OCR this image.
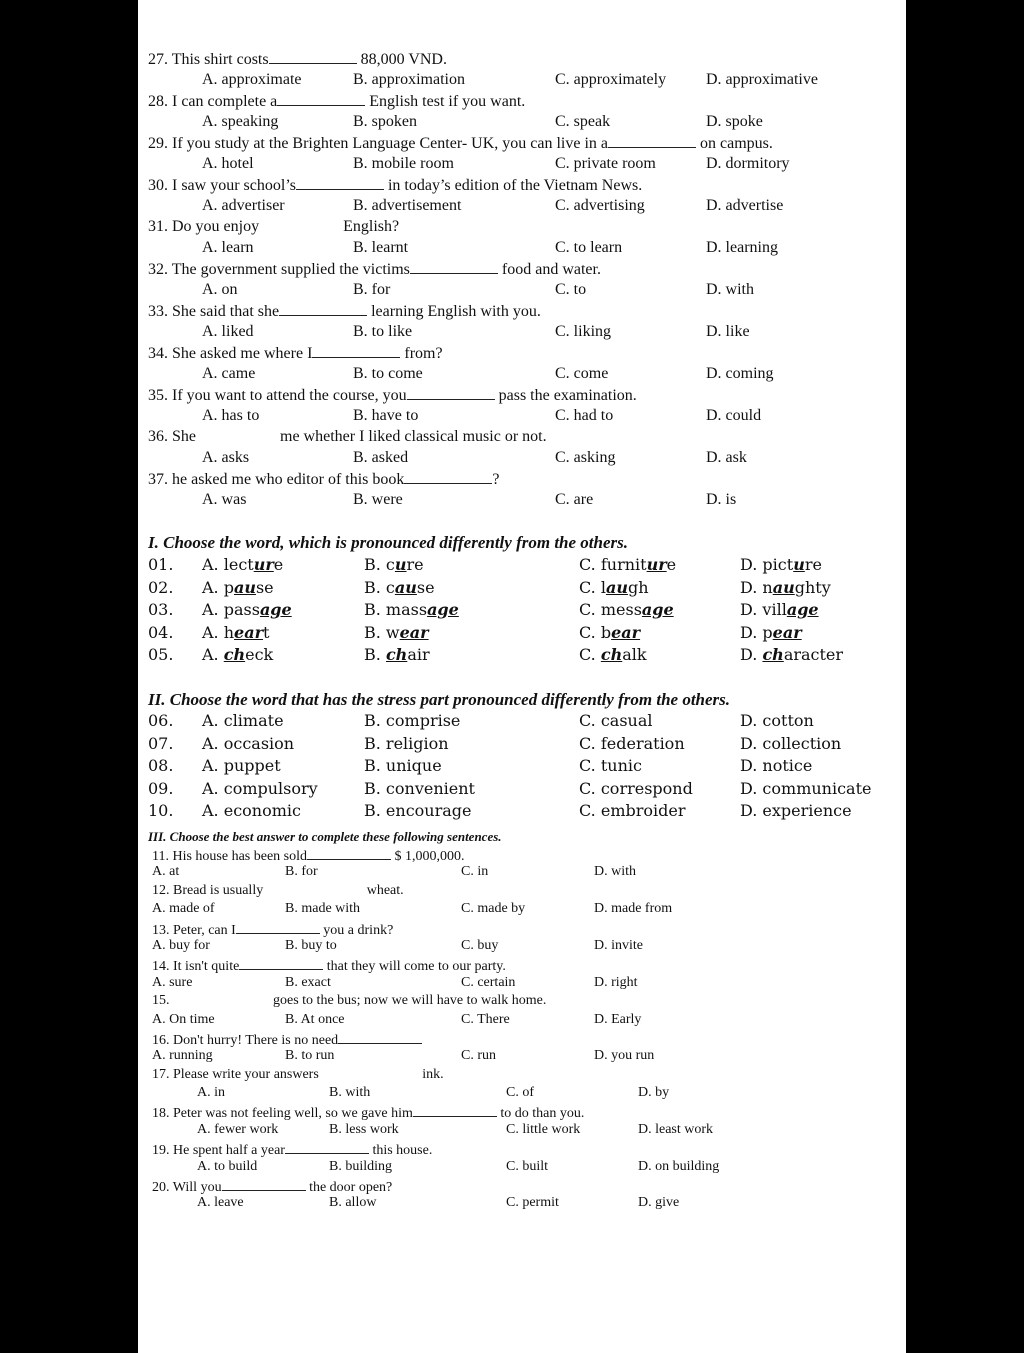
27. This shirt costs	88,000 VND.
A. approximate	B. approximation	C. approximately D. approximative
28. I can complete a	English test if you want.
A. speaking	B. spoken	C. speak	D. spoke
29. If you study at the Brighten Language Center- UK, you can live in a	on campus.
A. hotel	B. mobile room	C. private room	D. dormitory
30. I saw your school’s	in today’s edition of the Vietnam News.
A. advertiser	B. advertisement	C. advertising	D. advertise
31. Do you enjoy	English?
A. learn	B. learnt	C. to learn	D. learning
32. The government supplied the victims	food and water.
A. on	B. for	C. to	D. with
33. She said that she	learning English with you.
A. liked	B. to like	C. liking	D. like
34. She asked me where I	from?
A. came	B. to come	C. come	D. coming
35. If you want to attend the course, you	pass the examination.
A. has to	B. have to	C. had to	D. could
36. She	me whether I liked classical music or not.
A. asks	B. asked	C. asking	D. ask
37. he asked me who editor of this book	?
A. was	B. were	C. are	D. is
I. Choose the word, which is pronounced differently from the others.
01. A. lecture	B. cure	C. furniture	D. picture
02. A. pause	B. cause	C. laugh	D. naughty
03. A. passage	B. massage	C. message	D. village
04. A. heart	B. wear	C. bear	D. pear
05. A. check	B. chair	C. chalk	D. character
II. Choose the word that has the stress part pronounced differently from the others.
06. A. climate	B. comprise	C. casual	D. cotton
07. A. occasion	B. religion	C. federation	D. collection
08. A. puppet	B. unique	C. tunic	D. notice
09. A. compulsory	B. convenient	C. correspond	D. communicate
10. A. economic	B. encourage	C. embroider	D. experience
III. Choose the best answer to complete these following sentences.
11. His house has been sold	$ 1,000,000.
A. at	B. for	C. in	D. with
12. Bread is usually	wheat.
A. made of	B. made with	C. made by	D. made from
13. Peter, can I	you a drink?
A. buy for	B. buy to	C. buy	D. invite
14. It isn't quite	that they will come to our party.
A. sure	B. exact	C. certain	D. right
15.	goes to the bus; now we will have to walk home.
A. On time	B. At once	C. There	D. Early
16. Don't hurry! There is no need
A. running	B. to run	C. run	D. you run
17. Please write your answers	ink.
A. in	B. with	C. of	D. by
18. Peter was not feeling well, so we gave him	to do than you.
A. fewer work	B. less work	C. little work	D. least work
19. He spent half a year	this house.
A. to build	B. building	C. built	D. on building
20. Will you	the door open?
A. leave	B. allow	C. permit	D. give
